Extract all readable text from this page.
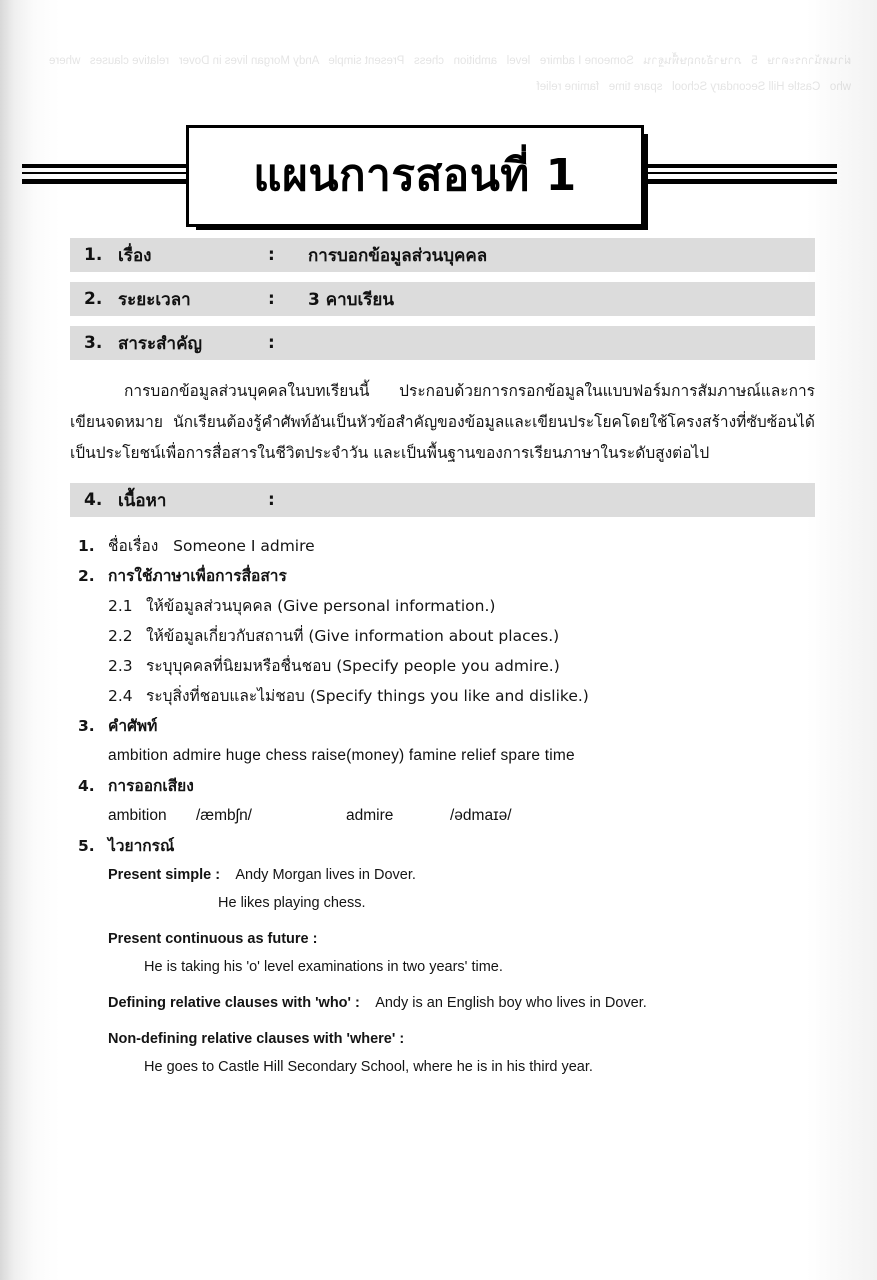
แผนการสอนที่ 1
1. เรื่อง	:	การบอกข้อมูลส่วนบุคคล
2. ระยะเวลา	:	3 คาบเรียน
3. สาระสำคัญ	:
การบอกข้อมูลส่วนบุคคลในบทเรียนนี้ ประกอบด้วยการกรอกข้อมูลในแบบฟอร์มการสัมภาษณ์และการเขียนจดหมาย นักเรียนต้องรู้คำศัพท์อันเป็นหัวข้อสำคัญของข้อมูลและเขียนประโยคโดยใช้โครงสร้างที่ซับซ้อนได้ เป็นประโยชน์เพื่อการสื่อสารในชีวิตประจำวัน และเป็นพื้นฐานของการเรียนภาษาในระดับสูงต่อไป
4. เนื้อหา	:
1. ชื่อเรื่อง Someone I admire
2. การใช้ภาษาเพื่อการสื่อสาร
2.1 ให้ข้อมูลส่วนบุคคล (Give personal information.)
2.2 ให้ข้อมูลเกี่ยวกับสถานที่ (Give information about places.)
2.3 ระบุบุคคลที่นิยมหรือชื่นชอบ (Specify people you admire.)
2.4 ระบุสิ่งที่ชอบและไม่ชอบ (Specify things you like and dislike.)
3. คำศัพท์
ambition admire huge chess raise(money) famine relief spare time
4. การออกเสียง
ambition	/æmbʃn/	admire	/ədmaɪə/
5. ไวยากรณ์
Present simple : Andy Morgan lives in Dover.
He likes playing chess.
Present continuous as future :
He is taking his 'o' level examinations in two years' time.
Defining relative clauses with 'who' : Andy is an English boy who lives in Dover.
Non-defining relative clauses with 'where' :
He goes to Castle Hill Secondary School, where he is in his third year.
